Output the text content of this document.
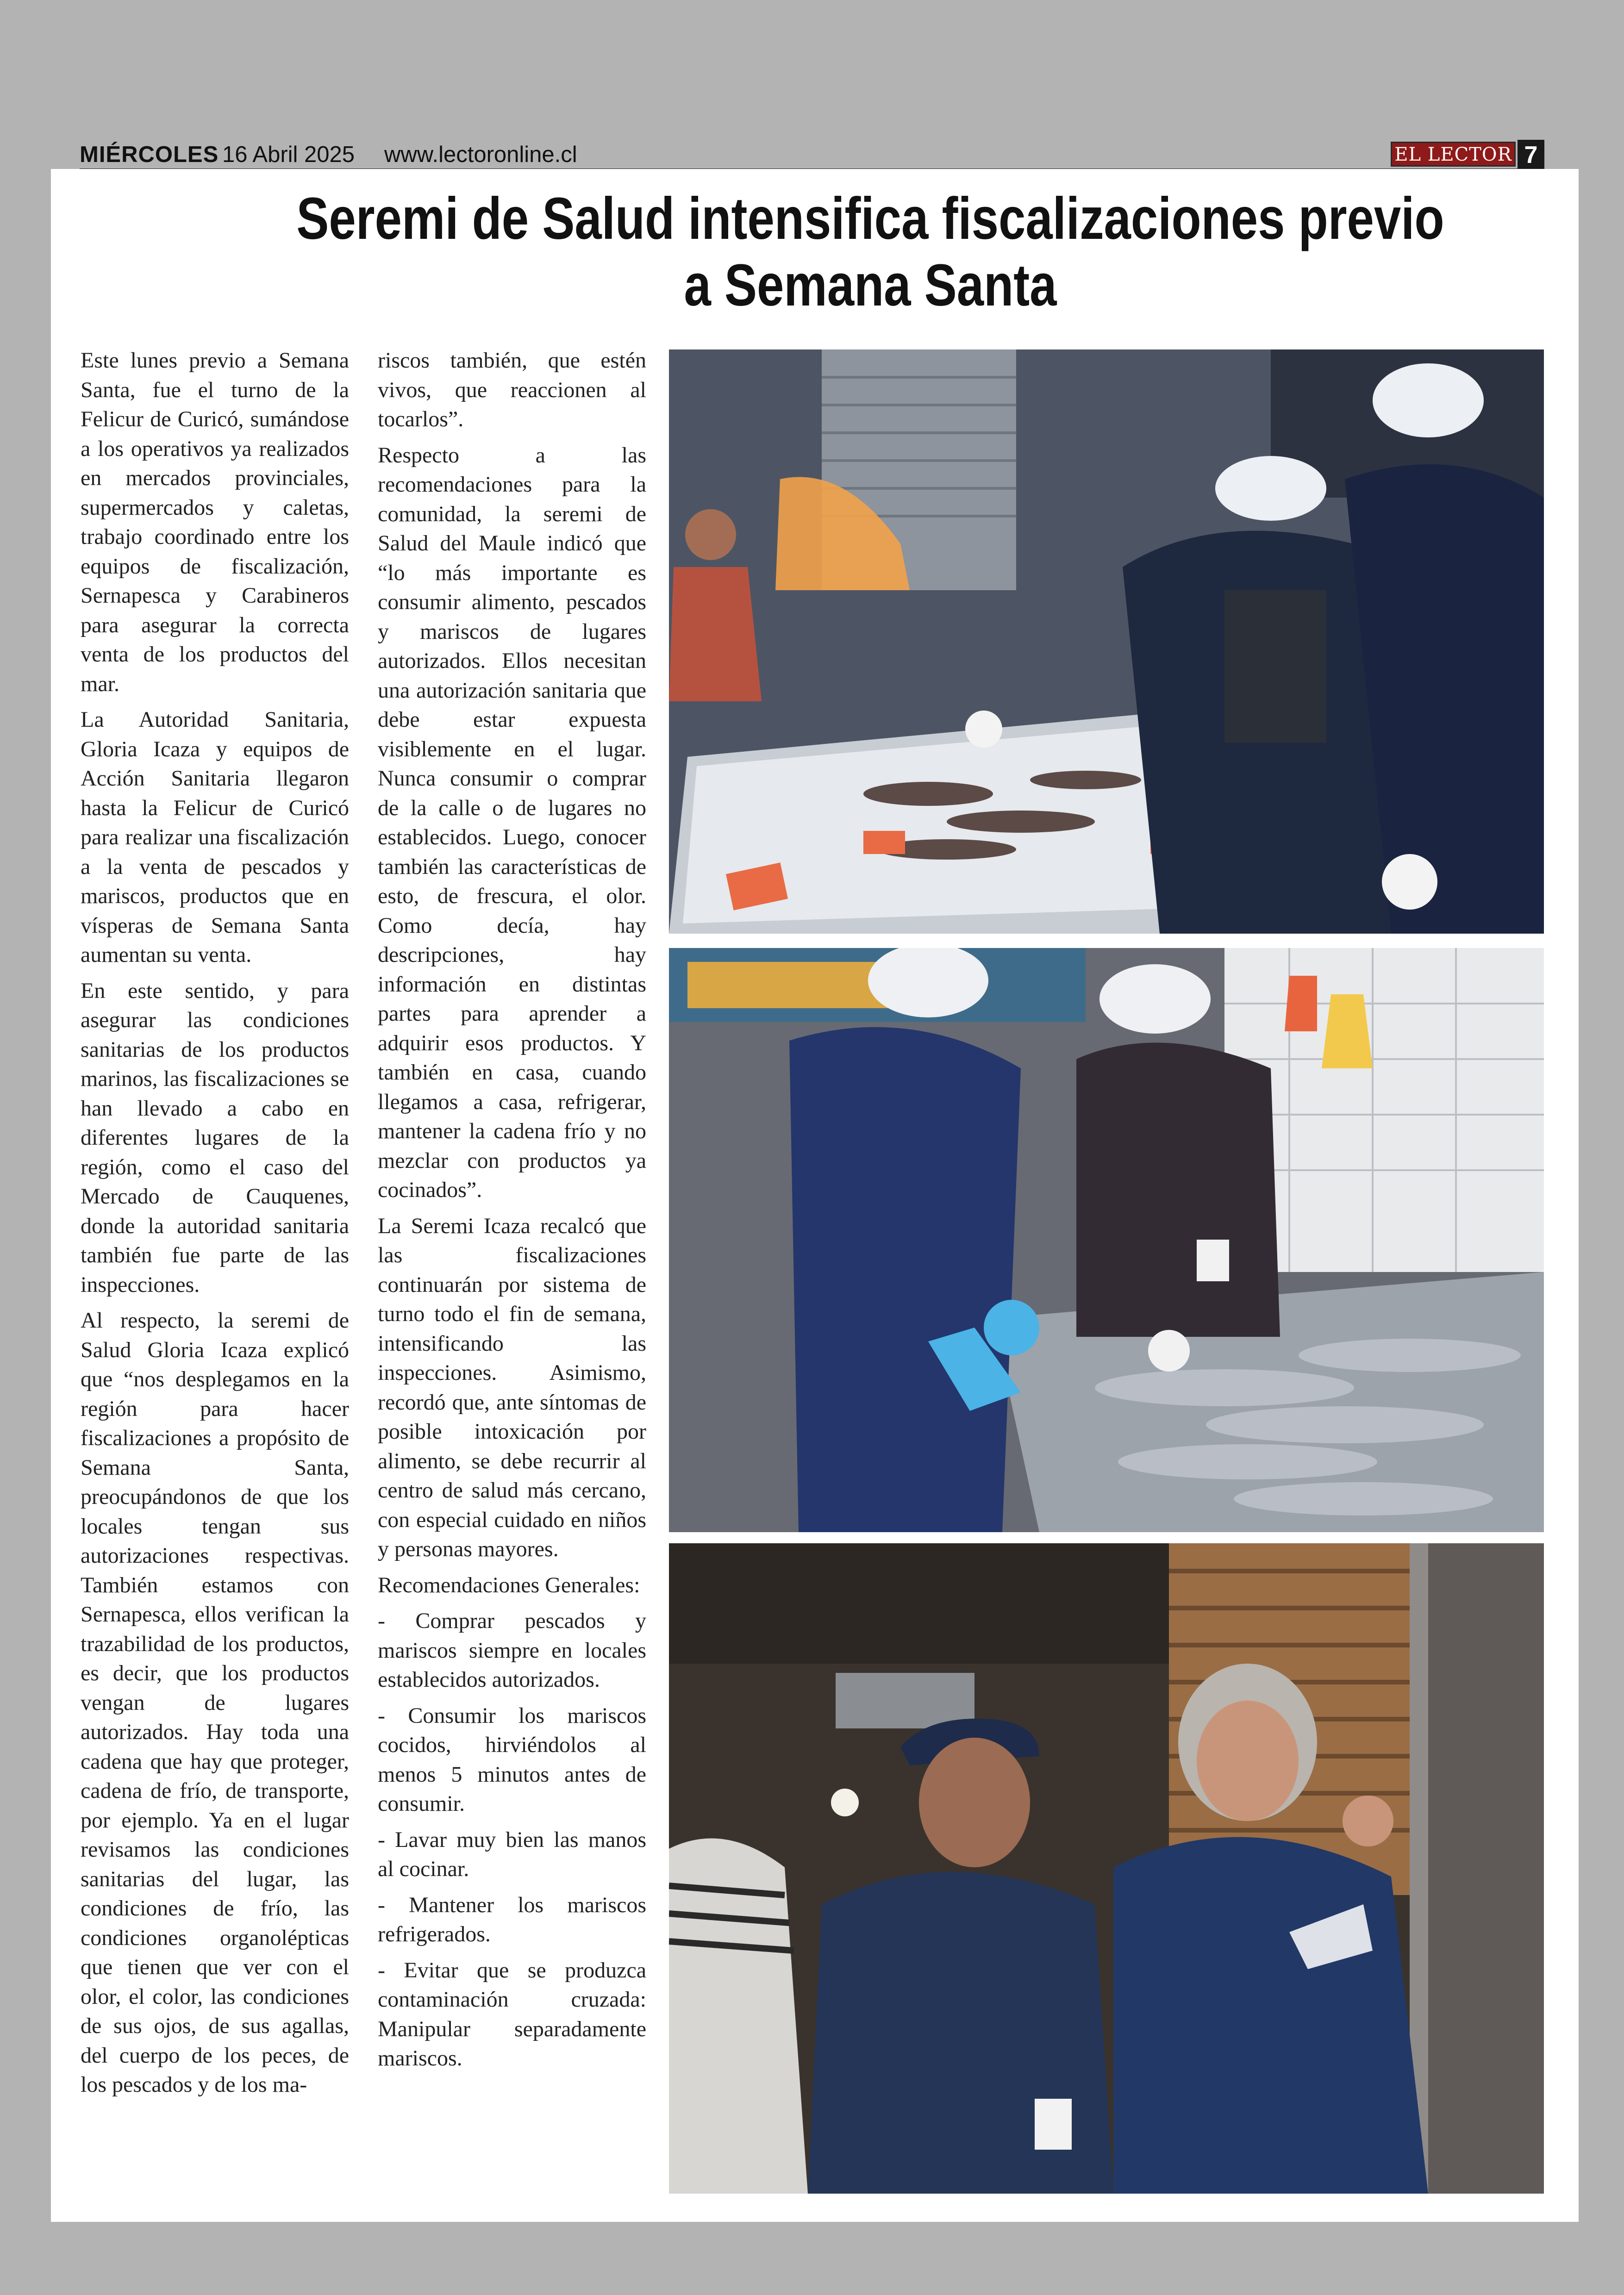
MIÉRCOLES 16 Abril 2025 www.lectoronline.cl	EL LECTOR 7
Seremi de Salud intensifica fiscalizaciones previo
a Semana Santa

Este lunes previo a Semana Santa, fue el turno de la Felicur de Curicó, sumándose a los operativos ya realizados en mercados provinciales, supermercados y caletas, trabajo coordinado entre los equipos de fiscalización, Sernapesca y Carabineros para asegurar la correcta venta de los productos del mar.

La Autoridad Sanitaria, Gloria Icaza y equipos de Acción Sanitaria llegaron hasta la Felicur de Curicó para realizar una fiscalización a la venta de pescados y mariscos, productos que en vísperas de Semana Santa aumentan su venta.

En este sentido, y para asegurar las condiciones sanitarias de los productos marinos, las fiscalizaciones se han llevado a cabo en diferentes lugares de la región, como el caso del Mercado de Cauquenes, donde la autoridad sanitaria también fue parte de las inspecciones.

Al respecto, la seremi de Salud Gloria Icaza explicó que “nos desplegamos en la región para hacer fiscalizaciones a propósito de Semana Santa, preocupándonos de que los locales tengan sus autorizaciones respectivas. También estamos con Sernapesca, ellos verifican la trazabilidad de los productos, es decir, que los productos vengan de lugares autorizados. Hay toda una cadena que hay que proteger, cadena de frío, de transporte, por ejemplo. Ya en el lugar revisamos las condiciones sanitarias del lugar, las condiciones de frío, las condiciones organolépticas que tienen que ver con el olor, el color, las condiciones de sus ojos, de sus agallas, del cuerpo de los peces, de los pescados y de los ma-

riscos también, que estén vivos, que reaccionen al tocarlos”.

Respecto a las recomendaciones para la comunidad, la seremi de Salud del Maule indicó que “lo más importante es consumir alimento, pescados y mariscos de lugares autorizados. Ellos necesitan una autorización sanitaria que debe estar expuesta visiblemente en el lugar. Nunca consumir o comprar de la calle o de lugares no establecidos. Luego, conocer también las características de esto, de frescura, el olor. Como decía, hay descripciones, hay información en distintas partes para aprender a adquirir esos productos. Y también en casa, cuando llegamos a casa, refrigerar, mantener la cadena frío y no mezclar con productos ya cocinados”.

La Seremi Icaza recalcó que las fiscalizaciones continuarán por sistema de turno todo el fin de semana, intensificando las inspecciones. Asimismo, recordó que, ante síntomas de posible intoxicación por alimento, se debe recurrir al centro de salud más cercano, con especial cuidado en niños y personas mayores.

Recomendaciones Generales:

- Comprar pescados y mariscos siempre en locales establecidos autorizados.

- Consumir los mariscos cocidos, hirviéndolos al menos 5 minutos antes de consumir.

- Lavar muy bien las manos al cocinar.

- Mantener los mariscos refrigerados.

- Evitar que se produzca contaminación cruzada: Manipular separadamente mariscos.
